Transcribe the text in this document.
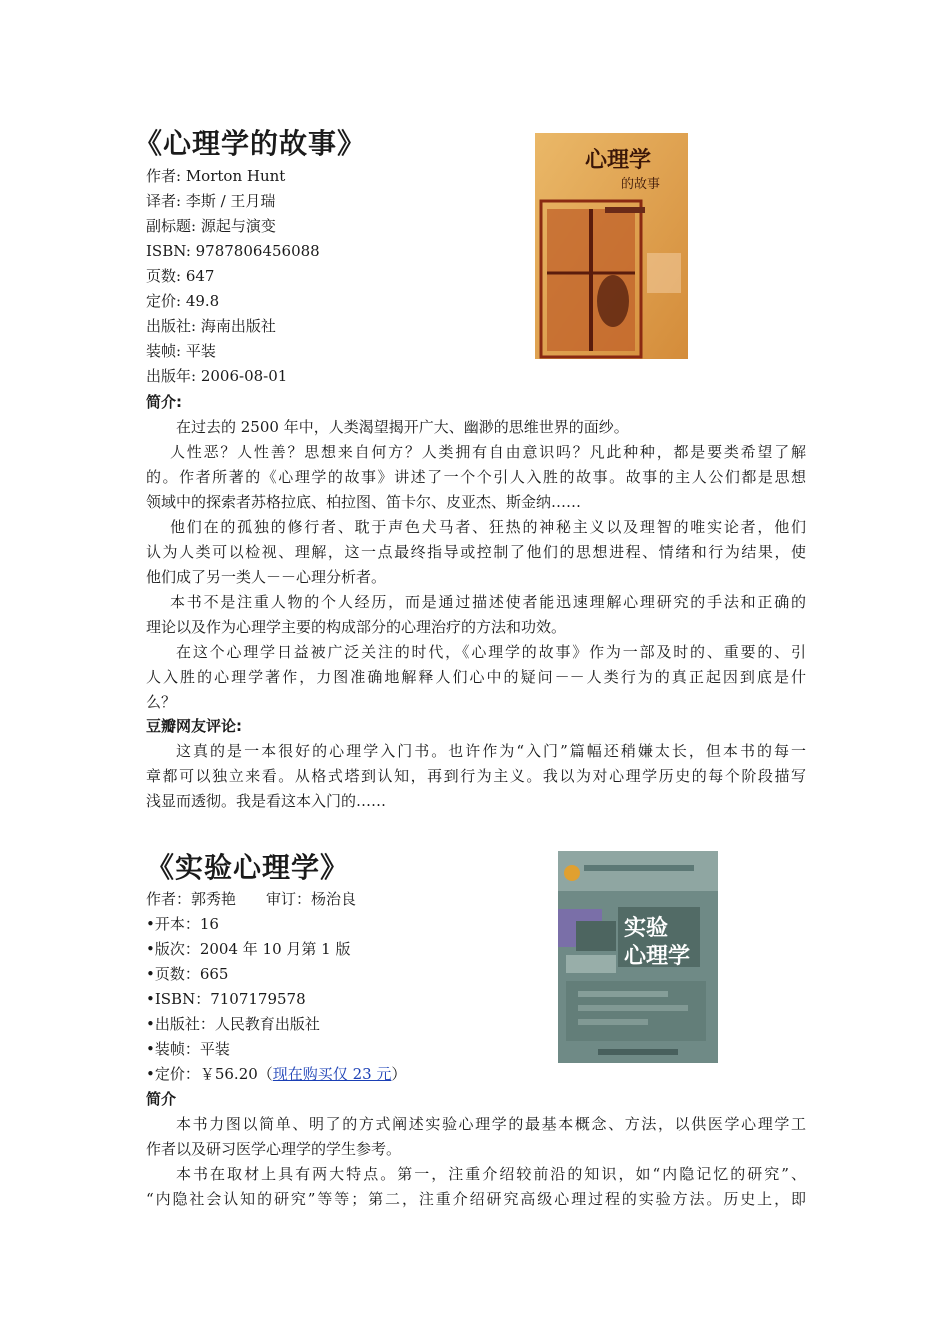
《心理学的故事》
作者: Morton Hunt
译者: 李斯 / 王月瑞
副标题: 源起与演变
ISBN: 9787806456088
页数: 647
定价: 49.8
出版社: 海南出版社
装帧: 平装
出版年: 2006-08-01
心理学
的故事
简介:
在过去的 2500 年中，人类渴望揭开广大、幽渺的思维世界的面纱。
人性恶？人性善？思想来自何方？人类拥有自由意识吗？凡此种种，都是要类希望了解
的。作者所著的《心理学的故事》讲述了一个个引人入胜的故事。故事的主人公们都是思想
领域中的探索者苏格拉底、柏拉图、笛卡尔、皮亚杰、斯金纳……
他们在的孤独的修行者、耽于声色犬马者、狂热的神秘主义以及理智的唯实论者，他们
认为人类可以检视、理解，这一点最终指导或控制了他们的思想进程、情绪和行为结果，使
他们成了另一类人－－心理分析者。
本书不是注重人物的个人经历，而是通过描述使者能迅速理解心理研究的手法和正确的
理论以及作为心理学主要的构成部分的心理治疗的方法和功效。
在这个心理学日益被广泛关注的时代，《心理学的故事》作为一部及时的、重要的、引
人入胜的心理学著作，力图准确地解释人们心中的疑问－－人类行为的真正起因到底是什
么？
豆瓣网友评论:
这真的是一本很好的心理学入门书。也许作为“入门”篇幅还稍嫌太长，但本书的每一
章都可以独立来看。从格式塔到认知，再到行为主义。我以为对心理学历史的每个阶段描写
浅显而透彻。我是看这本入门的……
《实验心理学》
作者：郭秀艳　　审订：杨治良
•开本：16
•版次：2004 年 10 月第 1 版
•页数：665
•ISBN：7107179578
•出版社：人民教育出版社
•装帧：平装
•定价：￥56.20（现在购买仅 23 元）
实验
心理学
简介
本书力图以简单、明了的方式阐述实验心理学的最基本概念、方法，以供医学心理学工
作者以及研习医学心理学的学生参考。
本书在取材上具有两大特点。第一，注重介绍较前沿的知识，如“内隐记忆的研究”、
“内隐社会认知的研究”等等；第二，注重介绍研究高级心理过程的实验方法。历史上，即
